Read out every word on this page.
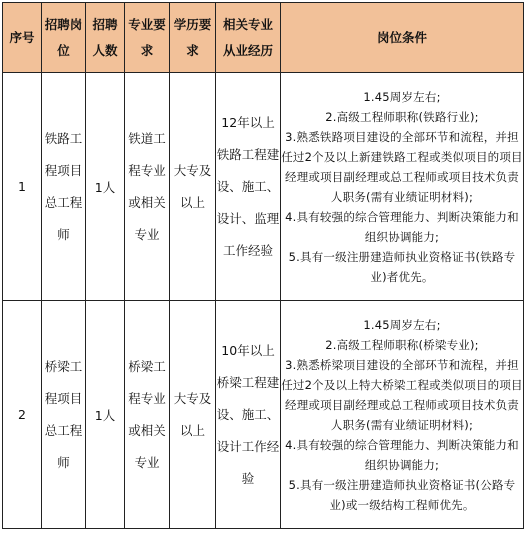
序号	招聘岗位	招聘人数	专业要求	学历要求	相关专业从业经历	岗位条件
1	铁路工程项目总工程师	1人	铁道工程专业或相关专业	大专及以上	12年以上铁路工程建设、施工、设计、监理工作经验	1.45周岁左右;
2.高级工程师职称(铁路行业);
3.熟悉铁路项目建设的全部环节和流程，并担任过2个及以上新建铁路工程或类似项目的项目经理或项目副经理或总工程师或项目技术负责人职务(需有业绩证明材料);
4.具有较强的综合管理能力、判断决策能力和组织协调能力;
5.具有一级注册建造师执业资格证书(铁路专业)者优先。

2	桥梁工程项目总工程师	1人	桥梁工程专业或相关专业	大专及以上	10年以上桥梁工程建设、施工、设计工作经验	1.45周岁左右;
2.高级工程师职称(桥梁专业);
3.熟悉桥梁项目建设的全部环节和流程，并担任过2个及以上特大桥梁工程或类似项目的项目经理或项目副经理或总工程师或项目技术负责人职务(需有业绩证明材料);
4.具有较强的综合管理能力、判断决策能力和组织协调能力;
5.具有一级注册建造师执业资格证书(公路专业)或一级结构工程师优先。
